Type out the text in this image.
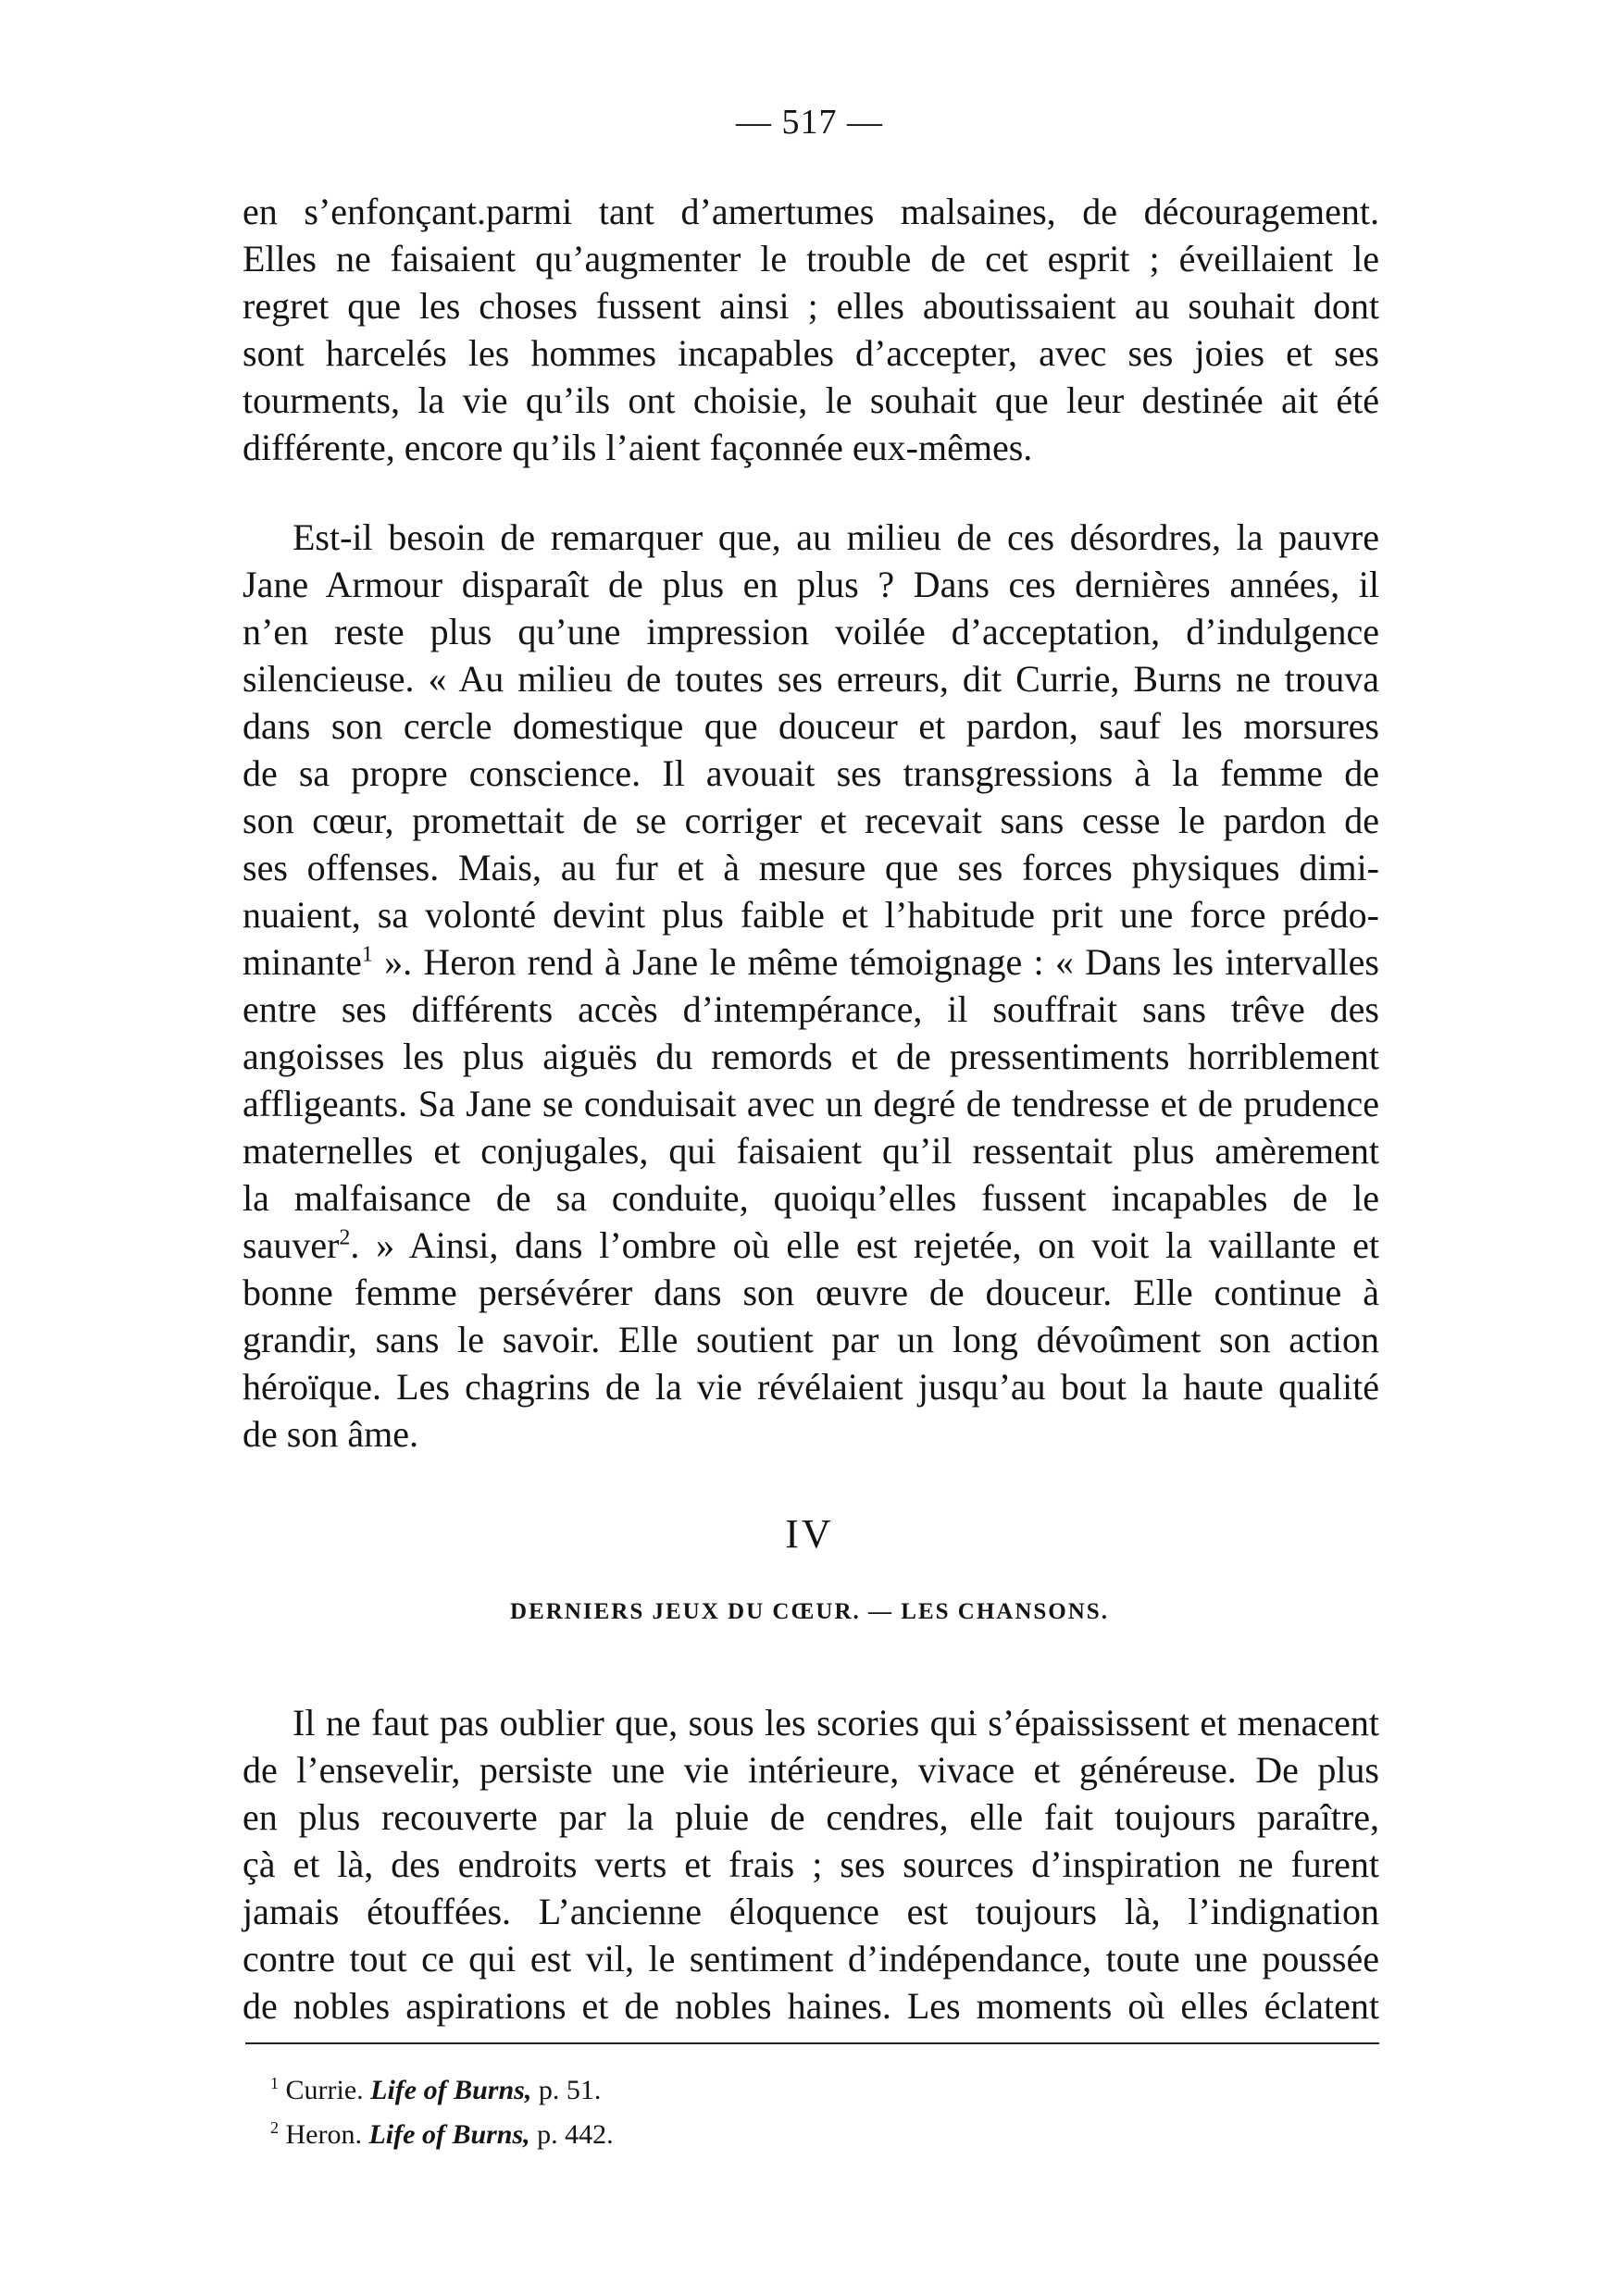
— 517 —

en s’enfonçant.parmi tant d’amertumes malsaines, de découragement.

Elles ne faisaient qu’augmenter le trouble de cet esprit ; éveillaient le

regret que les choses fussent ainsi ; elles aboutissaient au souhait dont

sont harcelés les hommes incapables d’accepter, avec ses joies et ses

tourments, la vie qu’ils ont choisie, le souhait que leur destinée ait été

différente, encore qu’ils l’aient façonnée eux-mêmes.

Est-il besoin de remarquer que, au milieu de ces désordres, la pauvre

Jane Armour disparaît de plus en plus ? Dans ces dernières années, il

n’en reste plus qu’une impression voilée d’acceptation, d’indulgence

silencieuse. « Au milieu de toutes ses erreurs, dit Currie, Burns ne trouva

dans son cercle domestique que douceur et pardon, sauf les morsures

de sa propre conscience. Il avouait ses transgressions à la femme de

son cœur, promettait de se corriger et recevait sans cesse le pardon de

ses offenses. Mais, au fur et à mesure que ses forces physiques dimi-

nuaient, sa volonté devint plus faible et l’habitude prit une force prédo-

minante$^1$ ». Heron rend à Jane le même témoignage : « Dans les intervalles

entre ses différents accès d’intempérance, il souffrait sans trêve des

angoisses les plus aiguës du remords et de pressentiments horriblement

affligeants. Sa Jane se conduisait avec un degré de tendresse et de prudence

maternelles et conjugales, qui faisaient qu’il ressentait plus amèrement

la malfaisance de sa conduite, quoiqu’elles fussent incapables de le

sauver$^2$. » Ainsi, dans l’ombre où elle est rejetée, on voit la vaillante et

bonne femme persévérer dans son œuvre de douceur. Elle continue à

grandir, sans le savoir. Elle soutient par un long dévoûment son action

héroïque. Les chagrins de la vie révélaient jusqu’au bout la haute qualité

de son âme.

IV
DERNIERS JEUX DU CŒUR. — LES CHANSONS.

Il ne faut pas oublier que, sous les scories qui s’épaississent et menacent

de l’ensevelir, persiste une vie intérieure, vivace et généreuse. De plus

en plus recouverte par la pluie de cendres, elle fait toujours paraître,

çà et là, des endroits verts et frais ; ses sources d’inspiration ne furent

jamais étouffées. L’ancienne éloquence est toujours là, l’indignation

contre tout ce qui est vil, le sentiment d’indépendance, toute une poussée

de nobles aspirations et de nobles haines. Les moments où elles éclatent

$^1$ Currie. Life of Burns, p. 51.
$^2$ Heron. Life of Burns, p. 442.
